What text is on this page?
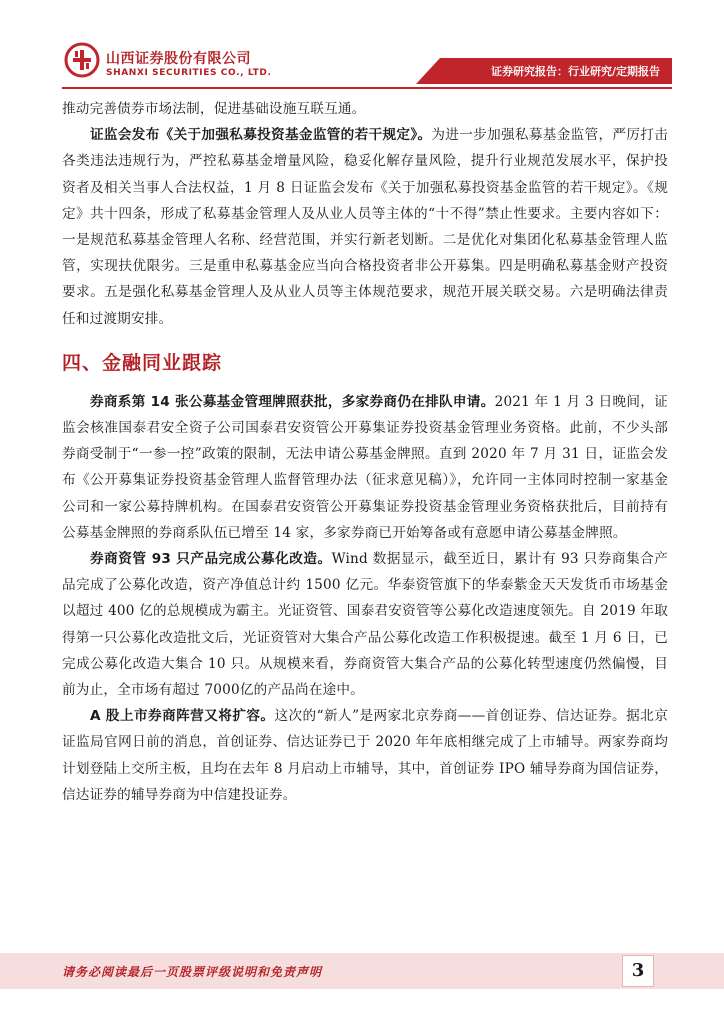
山西证券股份有限公司
SHANXI SECURITIES CO., LTD.	证券研究报告：行业研究/定期报告

推动完善债券市场法制，促进基础设施互联互通。

证监会发布《关于加强私募投资基金监管的若干规定》。为进一步加强私募基金监管，严厉打击各类违法违规行为，严控私募基金增量风险，稳妥化解存量风险，提升行业规范发展水平，保护投资者及相关当事人合法权益，1 月 8 日证监会发布《关于加强私募投资基金监管的若干规定》。《规定》共十四条，形成了私募基金管理人及从业人员等主体的“十不得”禁止性要求。主要内容如下：一是规范私募基金管理人名称、经营范围，并实行新老划断。二是优化对集团化私募基金管理人监管，实现扶优限劣。三是重申私募基金应当向合格投资者非公开募集。四是明确私募基金财产投资要求。五是强化私募基金管理人及从业人员等主体规范要求，规范开展关联交易。六是明确法律责任和过渡期安排。

四、金融同业跟踪

券商系第 14 张公募基金管理牌照获批，多家券商仍在排队申请。2021 年 1 月 3 日晚间，证监会核准国泰君安全资子公司国泰君安资管公开募集证券投资基金管理业务资格。此前，不少头部券商受制于“一参一控”政策的限制，无法申请公募基金牌照。直到 2020 年 7 月 31 日，证监会发布《公开募集证券投资基金管理人监督管理办法（征求意见稿）》，允许同一主体同时控制一家基金公司和一家公募持牌机构。在国泰君安资管公开募集证券投资基金管理业务资格获批后，目前持有公募基金牌照的券商系队伍已增至 14 家，多家券商已开始筹备或有意愿申请公募基金牌照。

券商资管 93 只产品完成公募化改造。Wind 数据显示，截至近日，累计有 93 只券商集合产品完成了公募化改造，资产净值总计约 1500 亿元。华泰资管旗下的华泰紫金天天发货币市场基金以超过 400 亿的总规模成为霸主。光证资管、国泰君安资管等公募化改造速度领先。自 2019 年取得第一只公募化改造批文后，光证资管对大集合产品公募化改造工作积极提速。截至 1 月 6 日，已完成公募化改造大集合 10 只。从规模来看，券商资管大集合产品的公募化转型速度仍然偏慢，目前为止，全市场有超过 7000亿的产品尚在途中。

A 股上市券商阵营又将扩容。这次的“新人”是两家北京券商——首创证券、信达证券。据北京证监局官网日前的消息，首创证券、信达证券已于 2020 年年底相继完成了上市辅导。两家券商均计划登陆上交所主板，且均在去年 8 月启动上市辅导，其中，首创证券 IPO 辅导券商为国信证券，信达证券的辅导券商为中信建投证券。

请务必阅读最后一页股票评级说明和免责声明	3
